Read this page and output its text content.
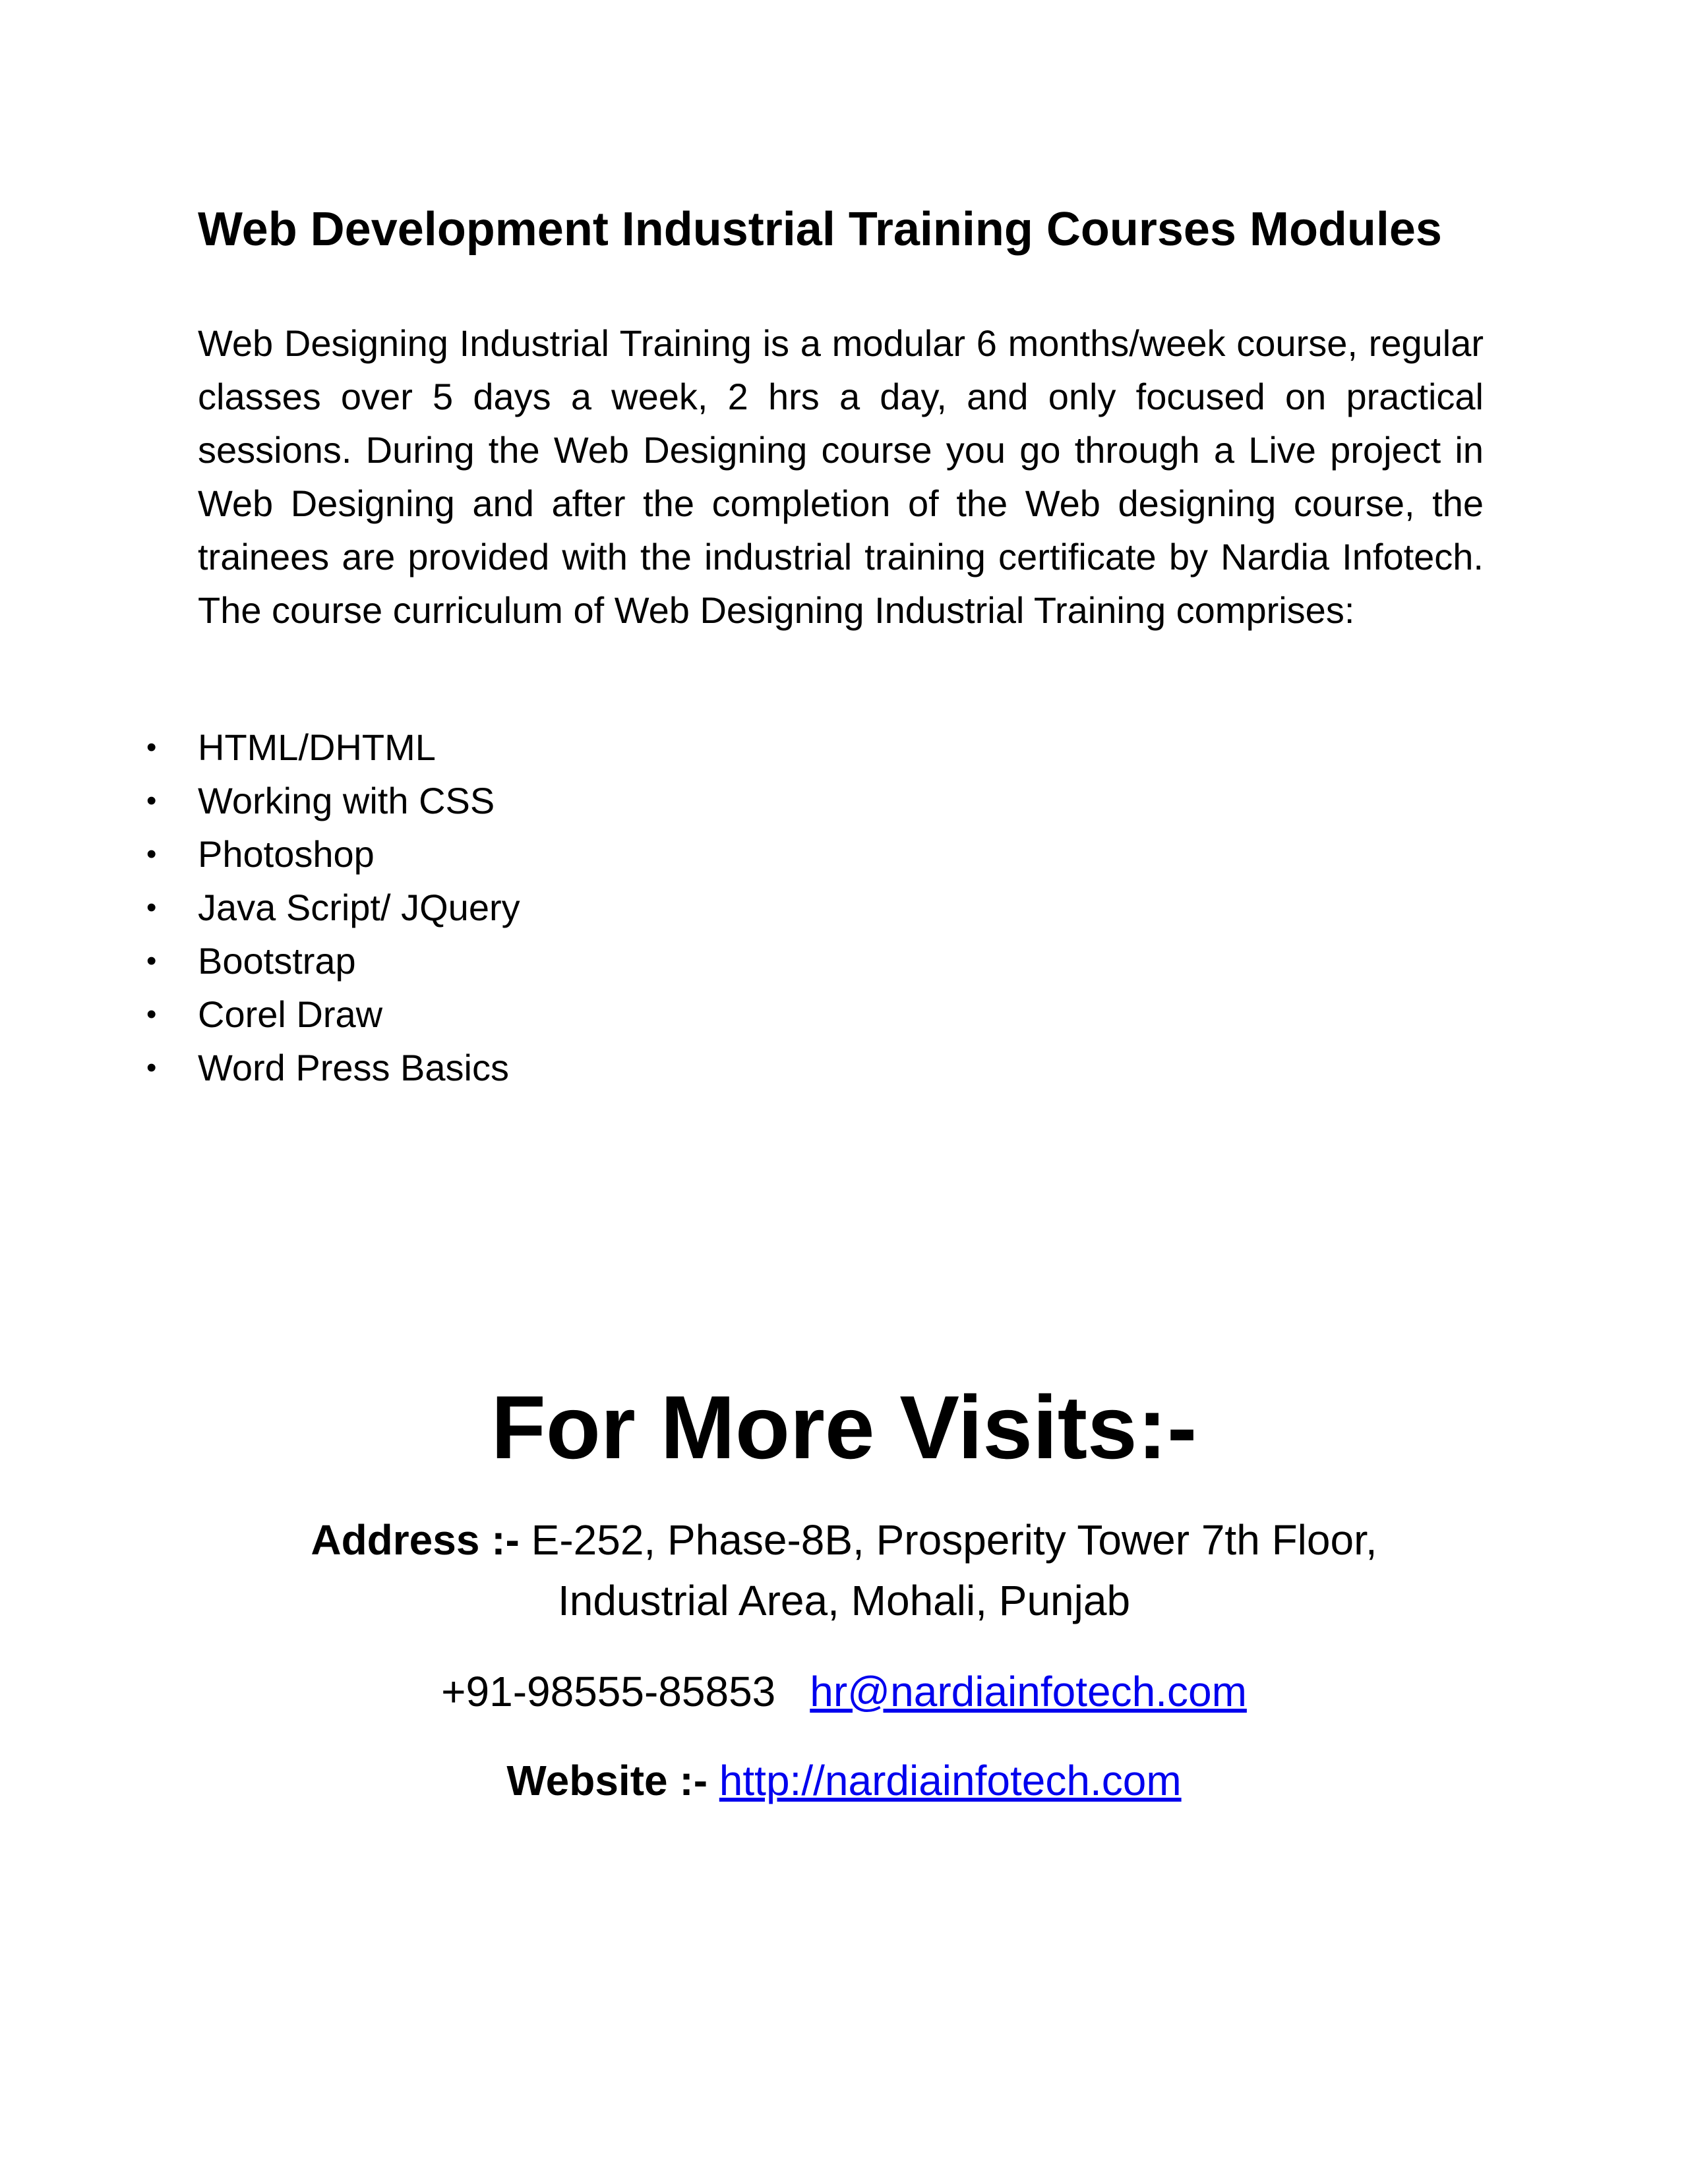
Web Development Industrial Training Courses Modules

Web Designing Industrial Training is a modular 6 months/week course, regular classes over 5 days a week, 2 hrs a day, and only focused on practical sessions. During the Web Designing course you go through a Live project in Web Designing and after the completion of the Web designing course, the trainees are provided with the industrial training certificate by Nardia Infotech. The course curriculum of Web Designing Industrial Training comprises:

• HTML/DHTML
• Working with CSS
• Photoshop
• Java Script/ JQuery
• Bootstrap
• Corel Draw
• Word Press Basics
For More Visits:-

Address :- E-252, Phase-8B, Prosperity Tower 7th Floor,
Industrial Area, Mohali, Punjab

+91-98555-85853 hr@nardiainfotech.com

Website :- http://nardiainfotech.com
